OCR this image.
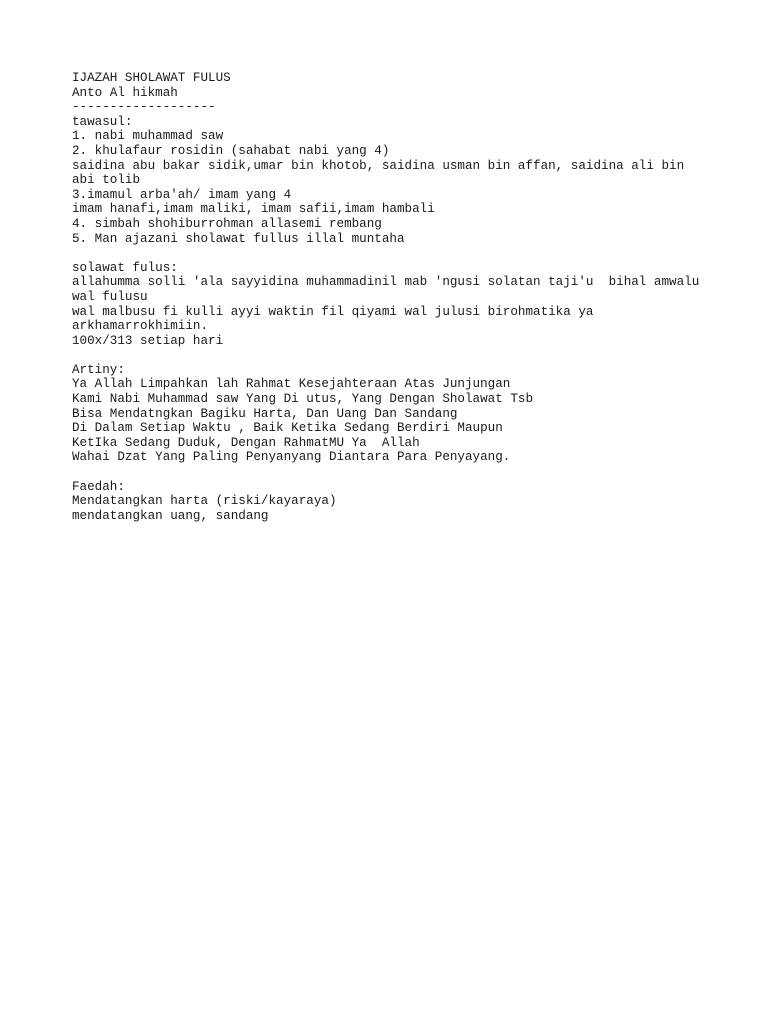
IJAZAH SHOLAWAT FULUS
Anto Al hikmah
-------------------
tawasul:
1. nabi muhammad saw
2. khulafaur rosidin (sahabat nabi yang 4)
saidina abu bakar sidik,umar bin khotob, saidina usman bin affan, saidina ali bin
abi tolib
3.imamul arba'ah/ imam yang 4
imam hanafi,imam maliki, imam safii,imam hambali
4. simbah shohiburrohman allasemi rembang
5. Man ajazani sholawat fullus illal muntaha
solawat fulus:
allahumma solli 'ala sayyidina muhammadinil mab 'ngusi solatan taji'u  bihal amwalu
wal fulusu
wal malbusu fi kulli ayyi waktin fil qiyami wal julusi birohmatika ya
arkhamarrokhimiin.
100x/313 setiap hari
Artiny:
Ya Allah Limpahkan lah Rahmat Kesejahteraan Atas Junjungan
Kami Nabi Muhammad saw Yang Di utus, Yang Dengan Sholawat Tsb
Bisa Mendatngkan Bagiku Harta, Dan Uang Dan Sandang
Di Dalam Setiap Waktu , Baik Ketika Sedang Berdiri Maupun
KetIka Sedang Duduk, Dengan RahmatMU Ya  Allah
Wahai Dzat Yang Paling Penyanyang Diantara Para Penyayang.
Faedah:
Mendatangkan harta (riski/kayaraya)
mendatangkan uang, sandang
